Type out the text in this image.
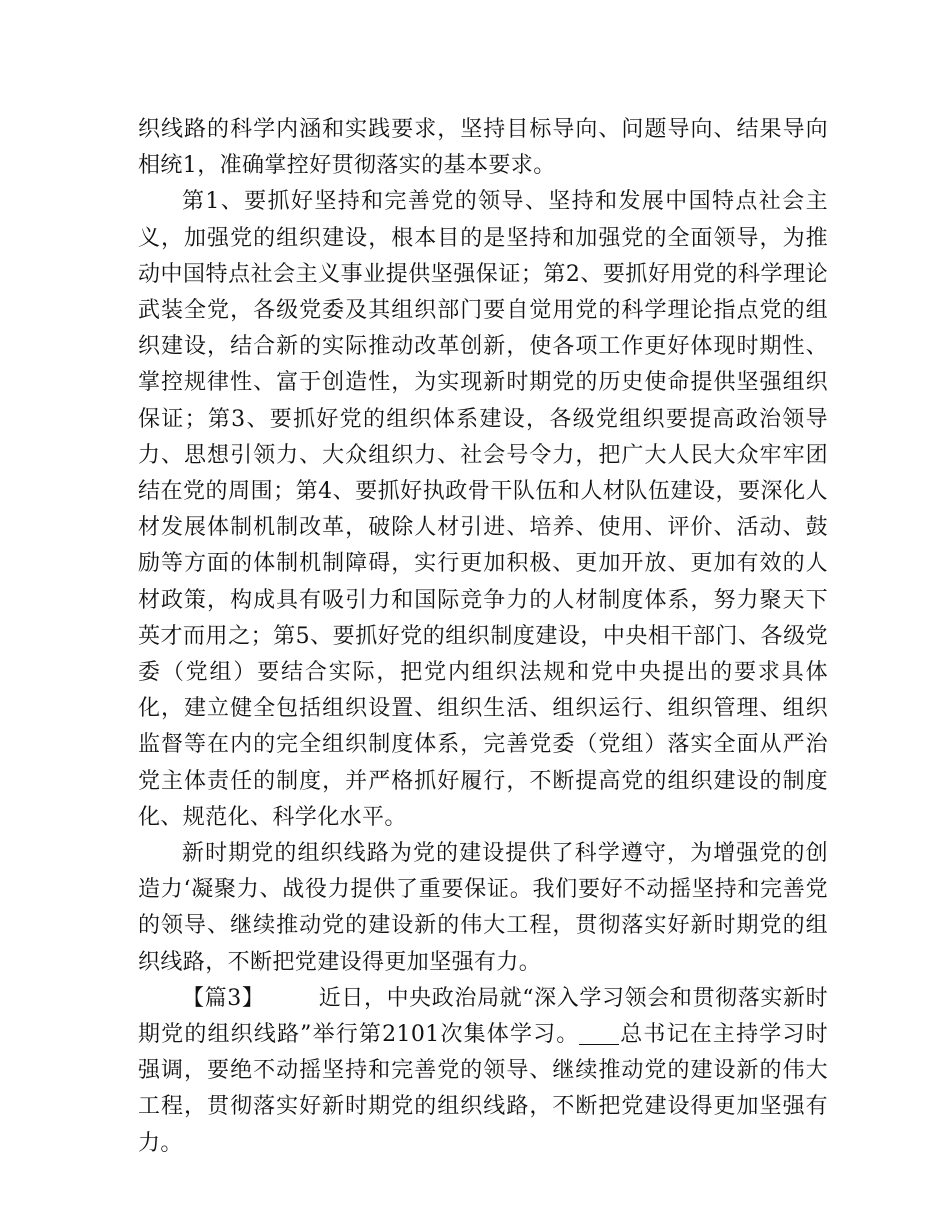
织线路的科学内涵和实践要求，坚持目标导向、问题导向、结果导向相统1，准确掌控好贯彻落实的基本要求。

第1、要抓好坚持和完善党的领导、坚持和发展中国特点社会主义，加强党的组织建设，根本目的是坚持和加强党的全面领导，为推动中国特点社会主义事业提供坚强保证；第2、要抓好用党的科学理论武装全党，各级党委及其组织部门要自觉用党的科学理论指点党的组织建设，结合新的实际推动改革创新，使各项工作更好体现时期性、掌控规律性、富于创造性，为实现新时期党的历史使命提供坚强组织保证；第3、要抓好党的组织体系建设，各级党组织要提高政治领导力、思想引领力、大众组织力、社会号令力，把广大人民大众牢牢团结在党的周围；第4、要抓好执政骨干队伍和人材队伍建设，要深化人材发展体制机制改革，破除人材引进、培养、使用、评价、活动、鼓励等方面的体制机制障碍，实行更加积极、更加开放、更加有效的人材政策，构成具有吸引力和国际竞争力的人材制度体系，努力聚天下英才而用之；第5、要抓好党的组织制度建设，中央相干部门、各级党委（党组）要结合实际，把党内组织法规和党中央提出的要求具体化，建立健全包括组织设置、组织生活、组织运行、组织管理、组织监督等在内的完全组织制度体系，完善党委（党组）落实全面从严治党主体责任的制度，并严格抓好履行，不断提高党的组织建设的制度化、规范化、科学化水平。

新时期党的组织线路为党的建设提供了科学遵守，为增强党的创造力‘凝聚力、战役力提供了重要保证。我们要好不动摇坚持和完善党的领导、继续推动党的建设新的伟大工程，贯彻落实好新时期党的组织线路，不断把党建设得更加坚强有力。

【篇3】 近日，中央政治局就“深入学习领会和贯彻落实新时期党的组织线路”举行第2101次集体学习。 总书记在主持学习时强调，要绝不动摇坚持和完善党的领导、继续推动党的建设新的伟大工程，贯彻落实好新时期党的组织线路，不断把党建设得更加坚强有力。
